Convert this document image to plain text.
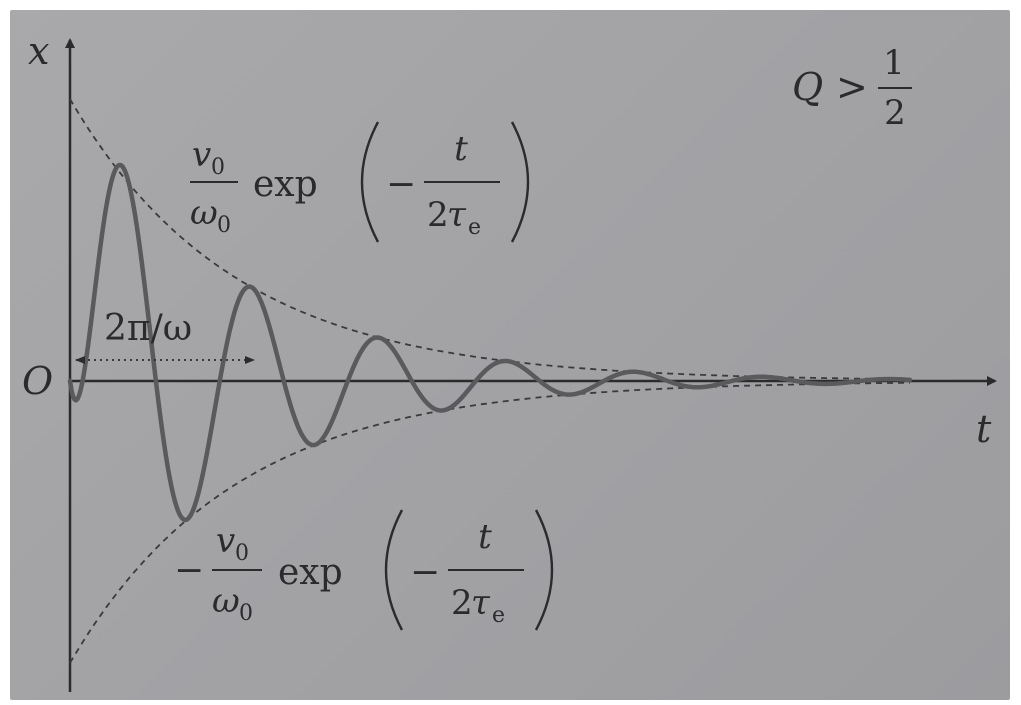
x
t
O
Q >
1
2
2π/ω
v 0
ω 0
exp −
t
2
τ e
−
v 0
ω 0
exp −
t
2
τ e
